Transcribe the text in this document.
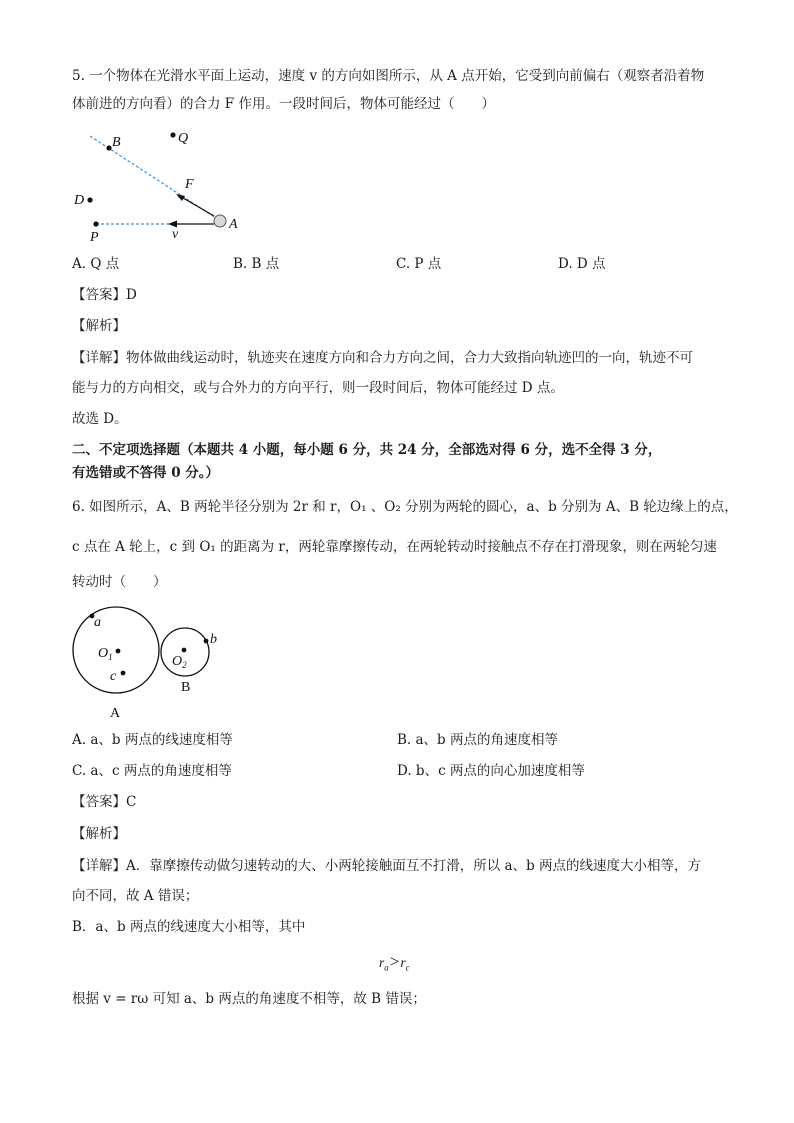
5. 一个物体在光滑水平面上运动，速度 v 的方向如图所示，从 A 点开始，它受到向前偏右（观察者沿着物
体前进的方向看）的合力 F 作用。一段时间后，物体可能经过（　　）
B	Q
F
D
A
P	v
A. Q 点	B. B 点	C. P 点	D. D 点
【答案】D
【解析】
【详解】物体做曲线运动时，轨迹夹在速度方向和合力方向之间，合力大致指向轨迹凹的一向，轨迹不可
能与力的方向相交，或与合外力的方向平行，则一段时间后，物体可能经过 D 点。
故选 D。
二、不定项选择题（本题共 4 小题，每小题 6 分，共 24 分，全部选对得 6 分，选不全得 3 分，
有选错或不答得 0 分。）
6. 如图所示，A、B 两轮半径分别为 2r 和 r，O₁ 、O₂ 分别为两轮的圆心，a、b 分别为 A、B 轮边缘上的点，
c 点在 A 轮上，c 到 O₁ 的距离为 r，两轮靠摩擦传动，在两轮转动时接触点不存在打滑现象，则在两轮匀速
转动时（　　）
a
b
$O_1$	$O_2$
c
B
A
A. a、b 两点的线速度相等	B. a、b 两点的角速度相等
C. a、c 两点的角速度相等	D. b、c 两点的向心加速度相等
【答案】C
【解析】
【详解】A．靠摩擦传动做匀速转动的大、小两轮接触面互不打滑，所以 a、b 两点的线速度大小相等，方
向不同，故 A 错误；
B．a、b 两点的线速度大小相等，其中
$r_a>r_c$
根据 v = rω 可知 a、b 两点的角速度不相等，故 B 错误；
